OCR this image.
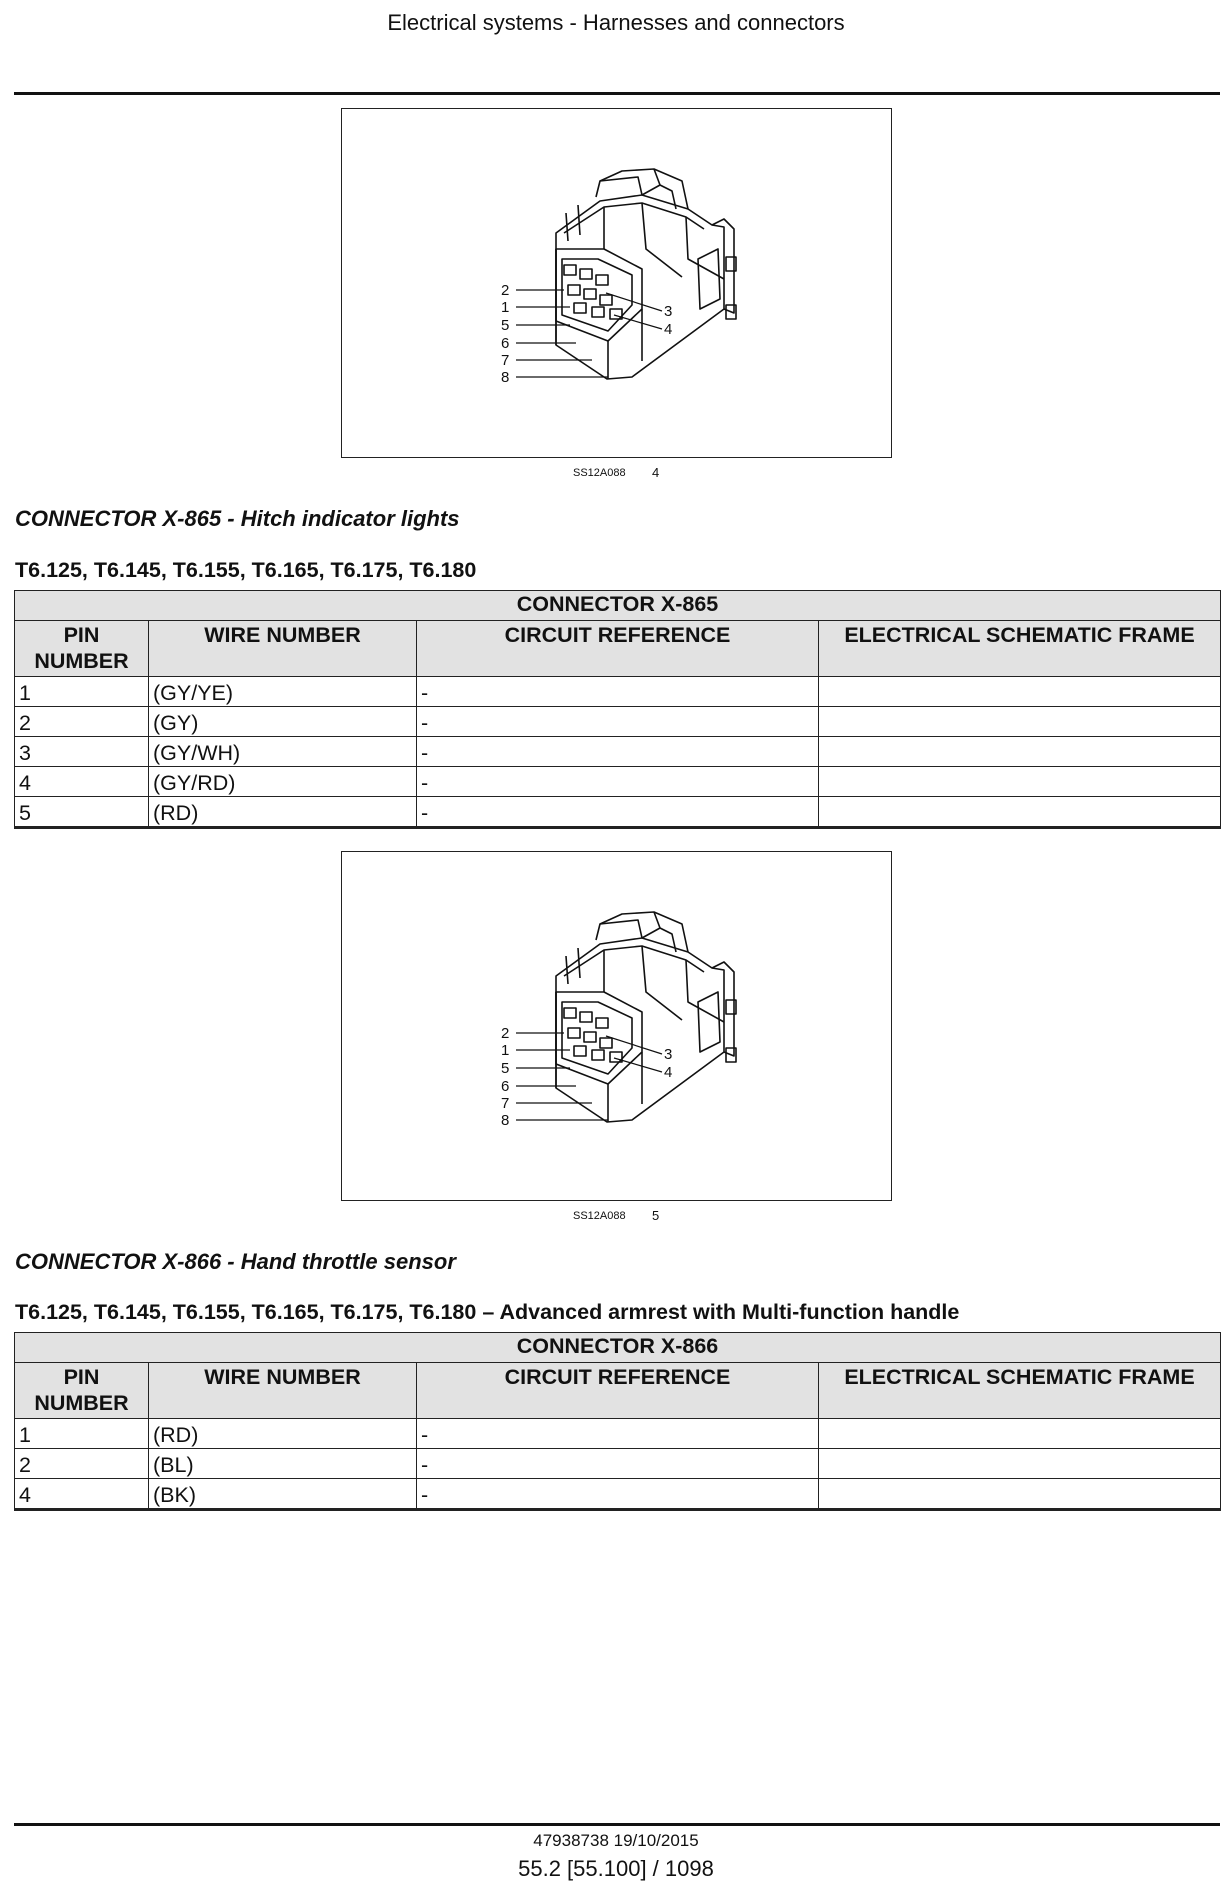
Electrical systems - Harnesses and connectors
2
1
5
6
7
8
3
4
SS12A088 4
CONNECTOR X-865 - Hitch indicator lights
T6.125, T6.145, T6.155, T6.165, T6.175, T6.180
CONNECTOR X-865			
PIN NUMBER	WIRE NUMBER	CIRCUIT REFERENCE	ELECTRICAL SCHEMATIC FRAME
1	(GY/YE)	-	
2	(GY)	-	
3	(GY/WH)	-	
4	(GY/RD)	-	
5	(RD)	-	
2
1
5
6
7
8
3
4
SS12A088 5
CONNECTOR X-866 - Hand throttle sensor
T6.125, T6.145, T6.155, T6.165, T6.175, T6.180 – Advanced armrest with Multi-function handle
CONNECTOR X-866			
PIN NUMBER	WIRE NUMBER	CIRCUIT REFERENCE	ELECTRICAL SCHEMATIC FRAME
1	(RD)	-	
2	(BL)	-	
4	(BK)	-	
47938738 19/10/2015
55.2 [55.100] / 1098
